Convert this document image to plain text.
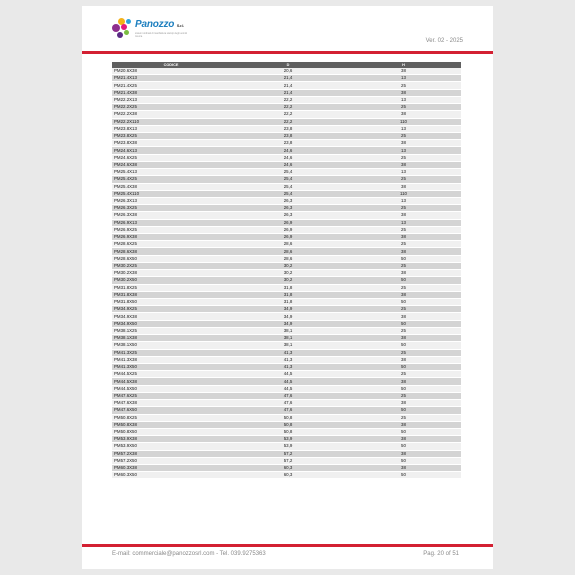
Panozzo S.r.l.
sistemi ordinati di manifattura stampi degli uomini ricerca
Ver. 02 - 2025
CODICE	D	H
PM20.6X38	20,6	38
PM21.4X13	21,4	13
PM21.4X25	21,4	25
PM21.4X38	21,4	38
PM22.2X13	22,2	13
PM22.2X25	22,2	25
PM22.2X38	22,2	38
PM22.2X110	22,2	110
PM23.8X13	23,8	13
PM23.8X25	23,8	25
PM23.8X38	23,8	38
PM24.6X13	24,6	13
PM24.6X25	24,6	25
PM24.6X38	24,6	38
PM25.4X13	25,4	13
PM25.4X25	25,4	25
PM25.4X38	25,4	38
PM25.4X110	25,4	110
PM26.3X13	26,3	13
PM26.3X25	26,3	25
PM26.3X38	26,3	38
PM26.9X13	26,9	13
PM26.9X25	26,9	25
PM26.9X38	26,9	38
PM28.6X25	28,6	25
PM28.6X38	28,6	38
PM28.6X50	28,6	50
PM30.2X25	30,2	25
PM30.2X38	30,2	38
PM30.2X50	30,2	50
PM31.8X25	31,8	25
PM31.8X38	31,8	38
PM31.8X50	31,8	50
PM34.9X25	34,9	25
PM34.9X38	34,9	38
PM34.9X50	34,9	50
PM38.1X25	38,1	25
PM38.1X38	38,1	38
PM38.1X50	38,1	50
PM41.3X25	41,3	25
PM41.3X38	41,3	38
PM41.3X50	41,3	50
PM44.5X25	44,5	25
PM44.5X38	44,5	38
PM44.5X50	44,5	50
PM47.6X25	47,6	25
PM47.6X38	47,6	38
PM47.6X50	47,6	50
PM50.8X25	50,8	25
PM50.8X38	50,8	38
PM50.8X50	50,8	50
PM53.9X38	53,9	38
PM53.9X50	53,9	50
PM57.2X38	57,2	38
PM57.2X50	57,2	50
PM60.3X38	60,3	38
PM60.3X50	60,3	50
E-mail: commerciale@panozzosrl.com - Tel. 039.9275363	Pag. 20 of 51
